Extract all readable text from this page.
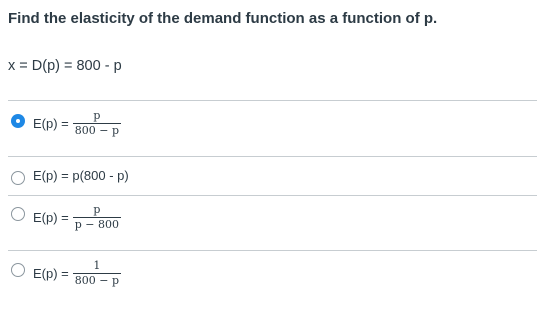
Find the elasticity of the demand function as a function of p.
x = D(p) = 800 - p
$E(p) = \frac{p}{800 - p}$
E(p) = p(800 - p)
$E(p) = \frac{p}{p - 800}$
$E(p) = \frac{1}{800 - p}$
